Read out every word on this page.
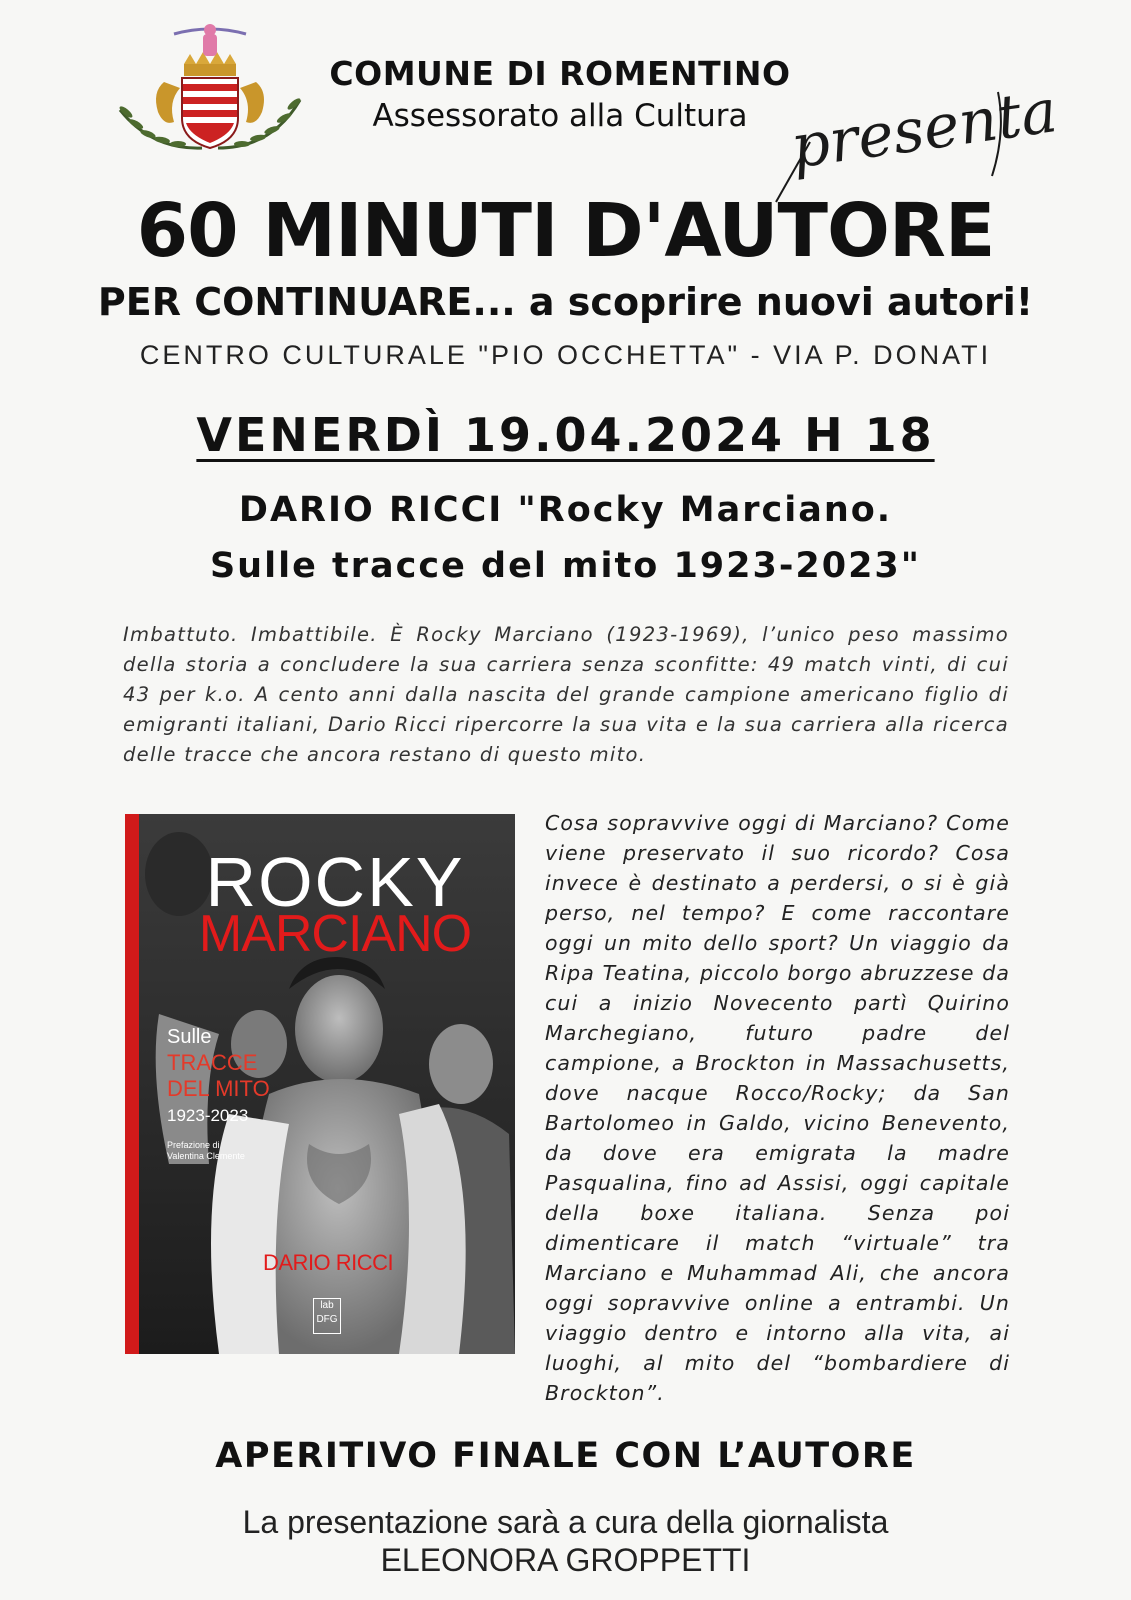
COMUNE DI ROMENTINO
Assessorato alla Cultura presenta
60 MINUTI D'AUTORE
PER CONTINUARE... a scoprire nuovi autori!
CENTRO CULTURALE "PIO OCCHETTA" - VIA P. DONATI
VENERDÌ 19.04.2024 H 18
DARIO RICCI "Rocky Marciano.
Sulle tracce del mito 1923-2023"
Imbattuto. Imbattibile. È Rocky Marciano (1923-1969), l’unico peso massimo della storia a concludere la sua carriera senza sconfitte: 49 match vinti, di cui 43 per k.o. A cento anni dalla nascita del grande campione americano figlio di emigranti italiani, Dario Ricci ripercorre la sua vita e la sua carriera alla ricerca delle tracce che ancora restano di questo mito.
ROCKY
MARCIANO
Sulle
TRACCE
DEL MITO
1923-2023
Prefazione di
Valentina Clemente
DARIO RICCI
lab DFG
Cosa sopravvive oggi di Marciano? Come viene preservato il suo ricordo? Cosa invece è destinato a perdersi, o si è già perso, nel tempo? E come raccontare oggi un mito dello sport? Un viaggio da Ripa Teatina, piccolo borgo abruzzese da cui a inizio Novecento partì Quirino Marchegiano, futuro padre del campione, a Brockton in Massachusetts, dove nacque Rocco/Rocky; da San Bartolomeo in Galdo, vicino Benevento, da dove era emigrata la madre Pasqualina, fino ad Assisi, oggi capitale della boxe italiana. Senza poi dimenticare il match “virtuale” tra Marciano e Muhammad Ali, che ancora oggi sopravvive online a entrambi. Un viaggio dentro e intorno alla vita, ai luoghi, al mito del “bombardiere di Brockton”.
APERITIVO FINALE CON L’AUTORE
La presentazione sarà a cura della giornalista
ELEONORA GROPPETTI
